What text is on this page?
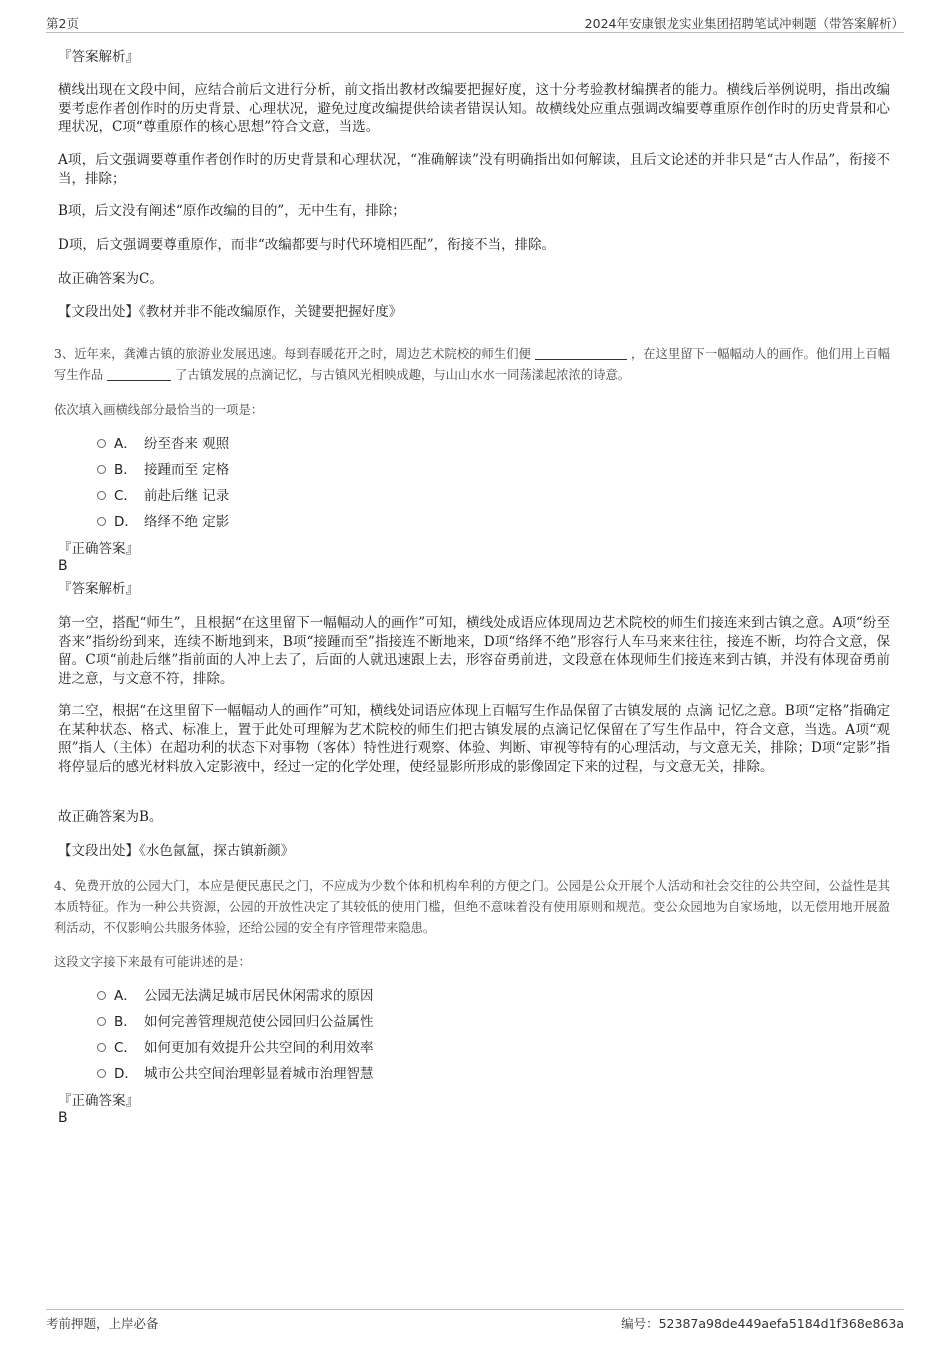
第2页	2024年安康银龙实业集团招聘笔试冲刺题（带答案解析）
『答案解析』
横线出现在文段中间，应结合前后文进行分析，前文指出教材改编要把握好度，这十分考验教材编撰者的能力。横线后举例说明，指出改编要考虑作者创作时的历史背景、心理状况，避免过度改编提供给读者错误认知。故横线处应重点强调改编要尊重原作创作时的历史背景和心理状况，C项“尊重原作的核心思想”符合文意，当选。
A项，后文强调要尊重作者创作时的历史背景和心理状况，“准确解读”没有明确指出如何解读，且后文论述的并非只是“古人作品”，衔接不当，排除；
B项，后文没有阐述“原作改编的目的”，无中生有，排除；
D项，后文强调要尊重原作，而非“改编都要与时代环境相匹配”，衔接不当，排除。
故正确答案为C。
【文段出处】《教材并非不能改编原作，关键要把握好度》
3、近年来，龚滩古镇的旅游业发展迅速。每到春暖花开之时，周边艺术院校的师生们便	，在这里留下一幅幅动人的画作。他们用上百幅写生作品	了古镇发展的点滴记忆，与古镇风光相映成趣，与山山水水一同荡漾起浓浓的诗意。
依次填入画横线部分最恰当的一项是：
A． 纷至沓来 观照
B． 接踵而至 定格
C． 前赴后继 记录
D． 络绎不绝 定影
『正确答案』
B
『答案解析』
第一空，搭配“师生”，且根据“在这里留下一幅幅动人的画作”可知，横线处成语应体现周边艺术院校的师生们接连来到古镇之意。A项“纷至沓来”指纷纷到来，连续不断地到来，B项“接踵而至”指接连不断地来，D项“络绎不绝”形容行人车马来来往往，接连不断，均符合文意，保留。C项“前赴后继”指前面的人冲上去了，后面的人就迅速跟上去，形容奋勇前进，文段意在体现师生们接连来到古镇，并没有体现奋勇前进之意，与文意不符，排除。
第二空，根据“在这里留下一幅幅动人的画作”可知，横线处词语应体现上百幅写生作品保留了古镇发展的 点滴 记忆之意。B项“定格”指确定在某种状态、格式、标准上，置于此处可理解为艺术院校的师生们把古镇发展的点滴记忆保留在了写生作品中，符合文意，当选。A项“观照”指人（主体）在超功利的状态下对事物（客体）特性进行观察、体验、判断、审视等特有的心理活动，与文意无关，排除；D项“定影”指将停显后的感光材料放入定影液中，经过一定的化学处理，使经显影所形成的影像固定下来的过程，与文意无关，排除。
故正确答案为B。
【文段出处】《水色氤氲，探古镇新颜》
4、免费开放的公园大门，本应是便民惠民之门，不应成为少数个体和机构牟利的方便之门。公园是公众开展个人活动和社会交往的公共空间，公益性是其本质特征。作为一种公共资源，公园的开放性决定了其较低的使用门槛，但绝不意味着没有使用原则和规范。变公众园地为自家场地，以无偿用地开展盈利活动，不仅影响公共服务体验，还给公园的安全有序管理带来隐患。
这段文字接下来最有可能讲述的是：
A． 公园无法满足城市居民休闲需求的原因
B． 如何完善管理规范使公园回归公益属性
C． 如何更加有效提升公共空间的利用效率
D． 城市公共空间治理彰显着城市治理智慧
『正确答案』
B
考前押题，上岸必备	编号：52387a98de449aefa5184d1f368e863a
